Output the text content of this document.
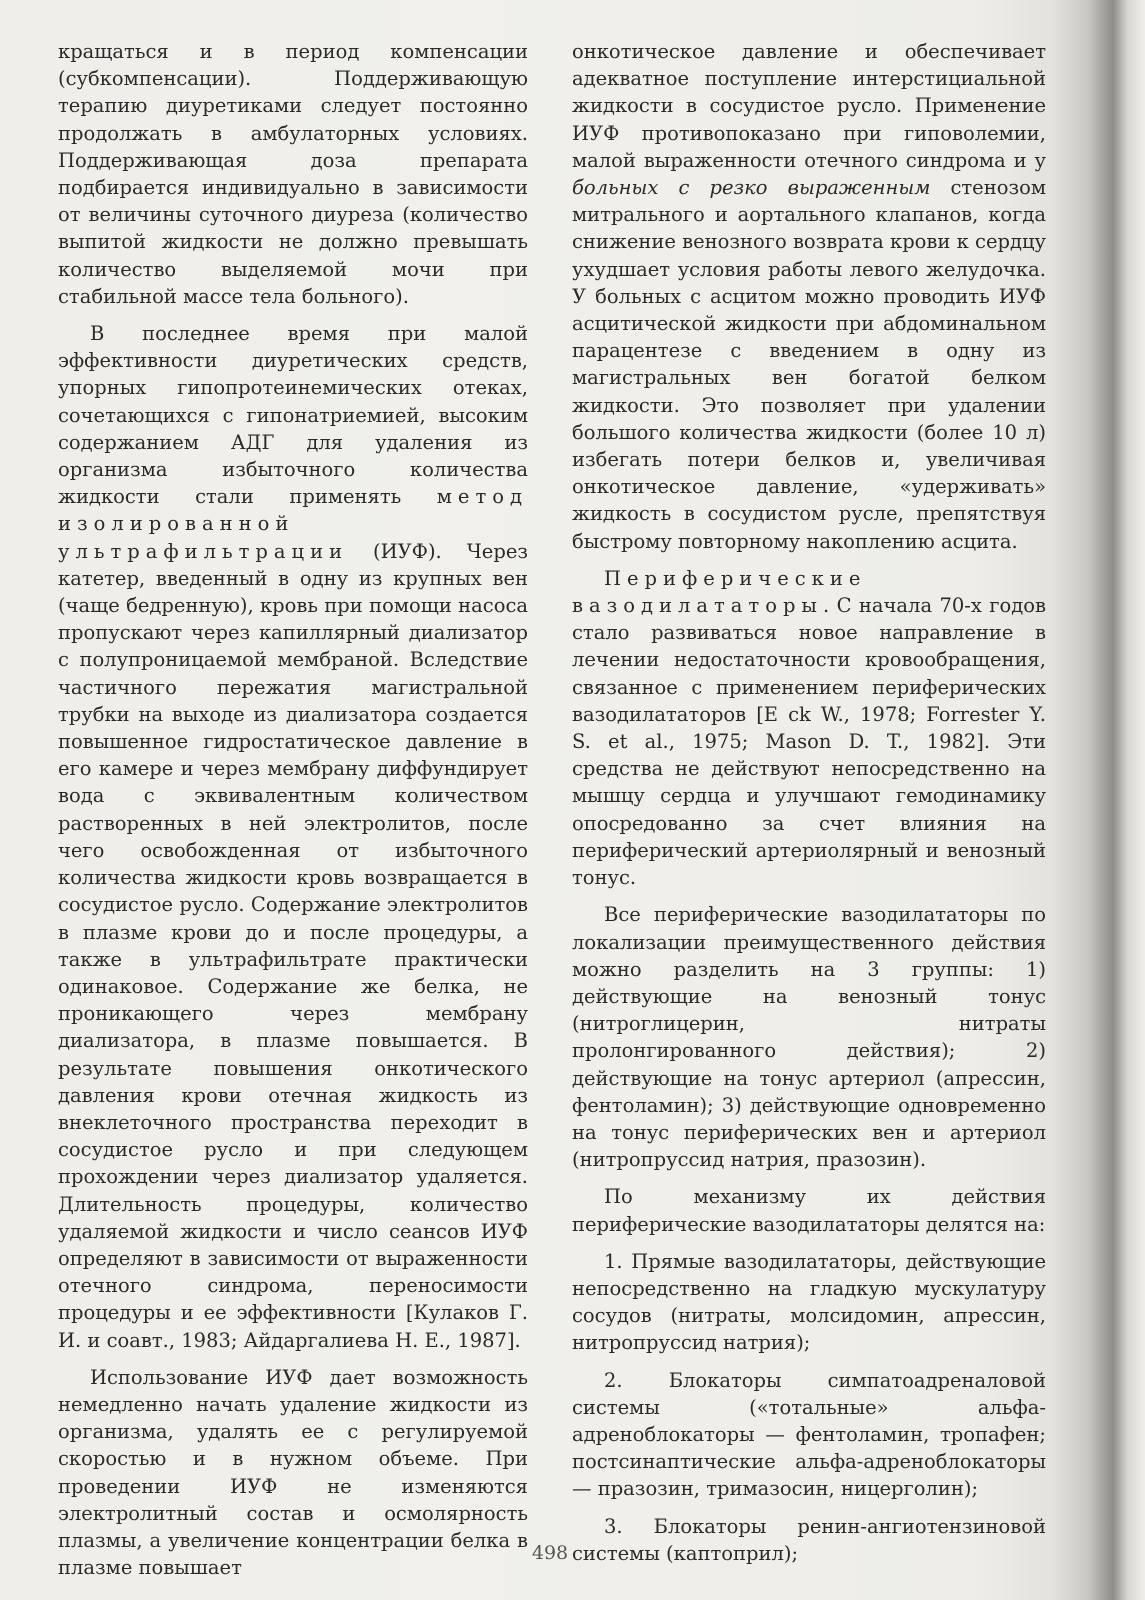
кращаться и в период компенсации (субкомпенсации). Поддерживающую терапию диуретиками следует постоянно продолжать в амбулаторных условиях. Поддерживающая доза препарата подбирается индивидуально в зависимости от величины суточного диуреза (количество выпитой жидкости не должно превышать количество выделяемой мочи при стабильной массе тела больного).

В последнее время при малой эффективности диуретических средств, упорных гипопротеинемических отеках, сочетающихся с гипонатриемией, высоким содержанием АДГ для удаления из организма избыточного количества жидкости стали применять метод изолированной ультрафильтрации (ИУФ). Через катетер, введенный в одну из крупных вен (чаще бедренную), кровь при помощи насоса пропускают через капиллярный диализатор с полупроницаемой мембраной. Вследствие частичного пережатия магистральной трубки на выходе из диализатора создается повышенное гидростатическое давление в его камере и через мембрану диффундирует вода с эквивалентным количеством растворенных в ней электролитов, после чего освобожденная от избыточного количества жидкости кровь возвращается в сосудистое русло. Содержание электролитов в плазме крови до и после процедуры, а также в ультрафильтрате практически одинаковое. Содержание же белка, не проникающего через мембрану диализатора, в плазме повышается. В результате повышения онкотического давления крови отечная жидкость из внеклеточного пространства переходит в сосудистое русло и при следующем прохождении через диализатор удаляется. Длительность процедуры, количество удаляемой жидкости и число сеансов ИУФ определяют в зависимости от выраженности отечного синдрома, переносимости процедуры и ее эффективности [Кулаков Г. И. и соавт., 1983; Айдаргалиева Н. Е., 1987].

Использование ИУФ дает возможность немедленно начать удаление жидкости из организма, удалять ее с регулируемой скоростью и в нужном объеме. При проведении ИУФ не изменяются электролитный состав и осмолярность плазмы, а увеличение концентрации белка в плазме повышает

онкотическое давление и обеспечивает адекватное поступление интерстициальной жидкости в сосудистое русло. Применение ИУФ противопоказано при гиповолемии, малой выраженности отечного синдрома и у больных с резко выраженным стенозом митрального и аортального клапанов, когда снижение венозного возврата крови к сердцу ухудшает условия работы левого желудочка. У больных с асцитом можно проводить ИУФ асцитической жидкости при абдоминальном парацентезе с введением в одну из магистральных вен богатой белком жидкости. Это позволяет при удалении большого количества жидкости (более 10 л) избегать потери белков и, увеличивая онкотическое давление, «удерживать» жидкость в сосудистом русле, препятствуя быстрому повторному накоплению асцита.

Периферические вазодилататоры. С начала 70-х годов стало развиваться новое направление в лечении недостаточности кровообращения, связанное с применением периферических вазодилататоров [E ck W., 1978; Forrester Y. S. et al., 1975; Mason D. T., 1982]. Эти средства не действуют непосредственно на мышцу сердца и улучшают гемодинамику опосредованно за счет влияния на периферический артериолярный и венозный тонус.

Все периферические вазодилататоры по локализации преимущественного действия можно разделить на 3 группы: 1) действующие на венозный тонус (нитроглицерин, нитраты пролонгированного действия); 2) действующие на тонус артериол (апрессин, фентоламин); 3) действующие одновременно на тонус периферических вен и артериол (нитропруссид натрия, празозин).

По механизму их действия периферические вазодилататоры делятся на:

1. Прямые вазодилататоры, действующие непосредственно на гладкую мускулатуру сосудов (нитраты, молсидомин, апрессин, нитропруссид натрия);

2. Блокаторы симпатоадреналовой системы («тотальные» альфа-адреноблокаторы — фентоламин, тропафен; постсинаптические альфа-адреноблокаторы — празозин, тримазосин, ницерголин);

3. Блокаторы ренин-ангиотензиновой системы (каптоприл);

498
